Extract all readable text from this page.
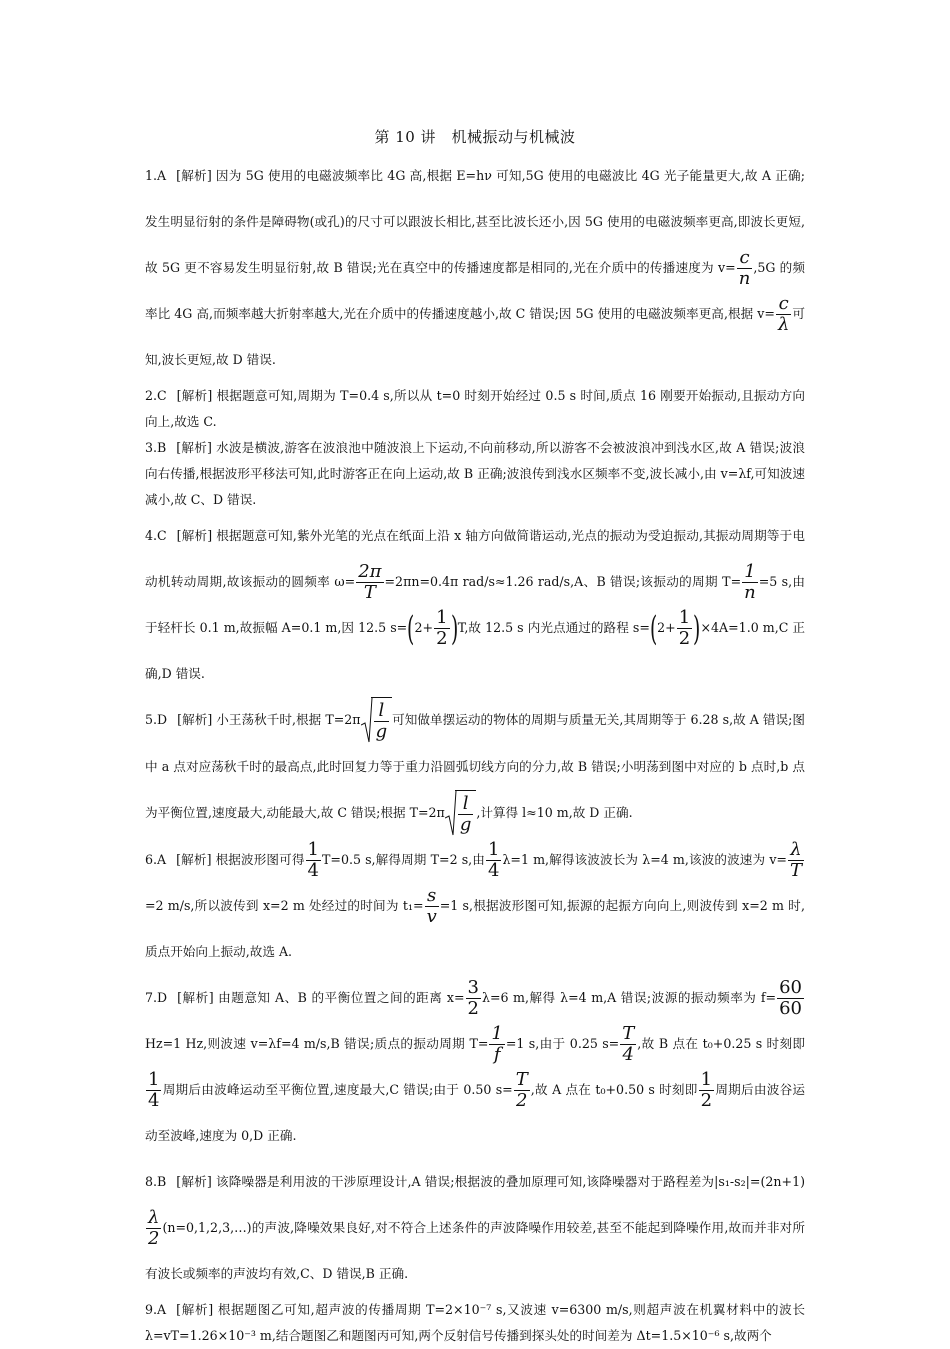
第 10 讲　机械振动与机械波

1.A [解析] 因为 5G 使用的电磁波频率比 4G 高,根据 E=hν 可知,5G 使用的电磁波比 4G 光子能量更大,故 A 正确;发生明显衍射的条件是障碍物(或孔)的尺寸可以跟波长相比,甚至比波长还小,因 5G 使用的电磁波频率更高,即波长更短,故 5G 更不容易发生明显衍射,故 B 错误;光在真空中的传播速度都是相同的,光在介质中的传播速度为 $v= \frac{c}{n} ,5G$ 的频率比 4G 高,而频率越大折射率越大,光在介质中的传播速度越小,故 C 错误;因 5G 使用的电磁波频率更高,根据 $v= \frac{c}{\lambda}$ 可知,波长更短,故 D 错误.

2.C [解析] 根据题意可知,周期为 T=0.4 s,所以从 t=0 时刻开始经过 0.5 s 时间,质点 16 刚要开始振动,且振动方向向上,故选 C.

3.B [解析] 水波是横波,游客在波浪池中随波浪上下运动,不向前移动,所以游客不会被波浪冲到浅水区,故 A 错误;波浪向右传播,根据波形平移法可知,此时游客正在向上运动,故 B 正确;波浪传到浅水区频率不变,波长减小,由 v=λf,可知波速减小,故 C、D 错误.

4.C [解析] 根据题意可知,紫外光笔的光点在纸面上沿 x 轴方向做简谐运动,光点的振动为受迫振动,其振动周期等于电动机转动周期,故该振动的圆频率 $\omega= \frac{2\pi}{T} =2\pi n=0.4\pi$ rad/s≈1.26 rad/s,A、B 错误;该振动的周期 $T= \frac{1}{n} =5$ s,由于轻杆长 0.1 m,故振幅 A=0.1 m,因 12.5 $s=(2+ \frac{1}{2} )T$,故 12.5 s 内光点通过的路程 $s=(2+ \frac{1}{2} )\times 4A=1.0$ m,C 正确,D 错误.

5.D [解析] 小王荡秋千时,根据 $T=2\pi \frac{l}{g}$ 可知做单摆运动的物体的周期与质量无关,其周期等于 6.28 s,故 A 错误;图中 a 点对应荡秋千时的最高点,此时回复力等于重力沿圆弧切线方向的分力,故 B 错误;小明荡到图中对应的 b 点时,b 点为平衡位置,速度最大,动能最大,故 C 错误;根据 $T=2\pi \frac{l}{g}$ ,计算得 l≈10 m,故 D 正确.

6.A [解析] 根据波形图可得 $\frac{1}{4} T=0.5$ s,解得周期 T=2 s,由 $\frac{1}{4} \lambda=1$ m,解得该波波长为 λ=4 m,该波的波速为 $v= \frac{\lambda}{T}$
=2 m/s,所以波传到 x=2 m 处经过的时间为 $t_1= \frac{s}{v} =1$ s,根据波形图可知,振源的起振方向向上,则波传到 x=2 m 时,质点开始向上振动,故选 A.

7.D [解析] 由题意知 A、B 的平衡位置之间的距离 $x= \frac{3}{2} \lambda=6$ m,解得 λ=4 m,A 错误;波源的振动频率为 $f= \frac{60}{60}$
Hz=1 Hz,则波速 v=λf=4 m/s,B 错误;质点的振动周期 $T= \frac{1}{f} =1$ s,由于 0.25 $s= \frac{T}{4}$ ,故 B 点在 t₀+0.25 s 时刻即
$\frac{1}{4}$ 周期后由波峰运动至平衡位置,速度最大,C 错误;由于 0.50 $s= \frac{T}{2}$ ,故 A 点在 t₀+0.50 s 时刻即 $\frac{1}{2}$ 周期后由波谷运动至波峰,速度为 0,D 正确.

8.B [解析] 该降噪器是利用波的干涉原理设计,A 错误;根据波的叠加原理可知,该降噪器对于路程差为|s₁-s₂|=(2n+1)
$\frac{\lambda}{2}$ (n=0,1,2,3,…)的声波,降噪效果良好,对不符合上述条件的声波降噪作用较差,甚至不能起到降噪作用,故而并非对所有波长或频率的声波均有效,C、D 错误,B 正确.

9.A [解析] 根据题图乙可知,超声波的传播周期 T=2×10⁻⁷ s,又波速 v=6300 m/s,则超声波在机翼材料中的波长 λ=vT=1.26×10⁻³ m,结合题图乙和题图丙可知,两个反射信号传播到探头处的时间差为 Δt=1.5×10⁻⁶ s,故两个
